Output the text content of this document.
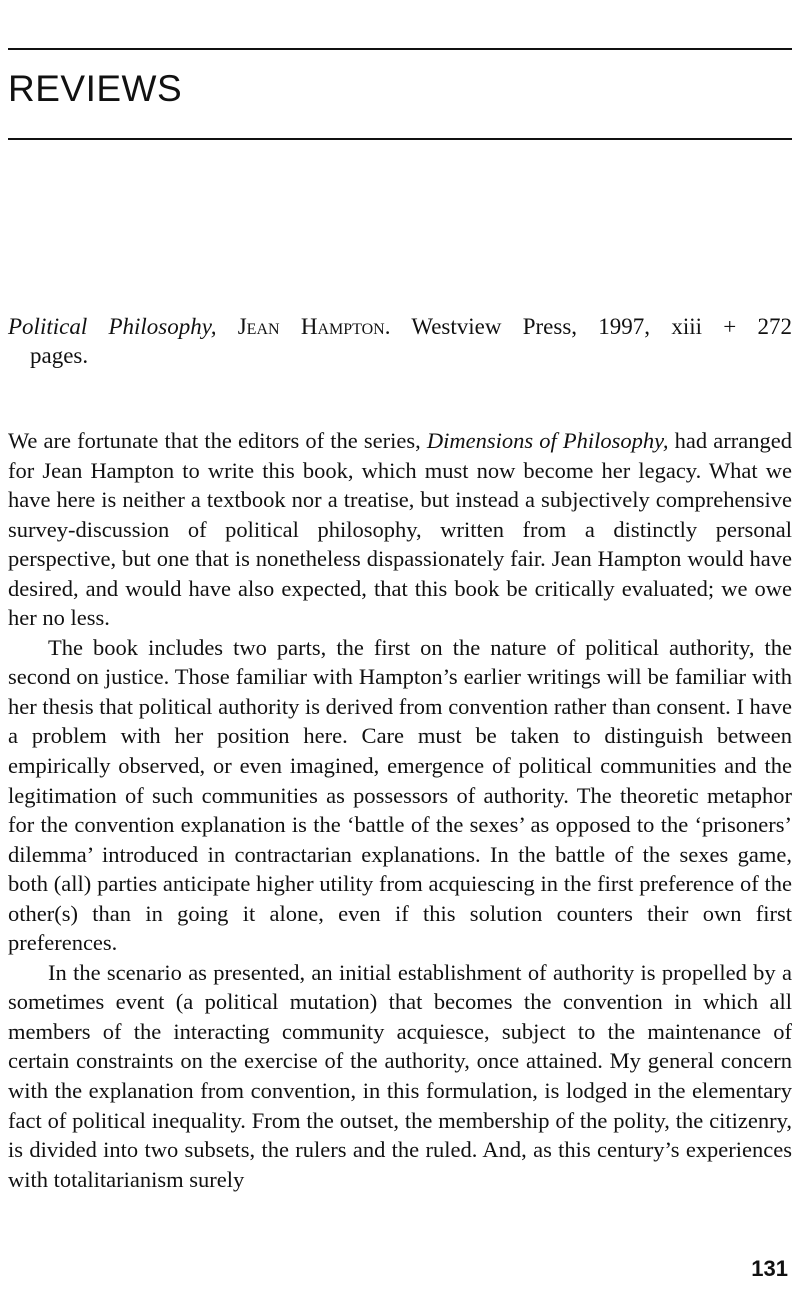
REVIEWS

Political Philosophy, Jean Hampton. Westview Press, 1997, xiii + 272

pages.

We are fortunate that the editors of the series, Dimensions of Philosophy, had arranged for Jean Hampton to write this book, which must now become her legacy. What we have here is neither a textbook nor a treatise, but instead a subjectively comprehensive survey-discussion of political philosophy, written from a distinctly personal perspective, but one that is nonetheless dispassionately fair. Jean Hampton would have desired, and would have also expected, that this book be critically evaluated; we owe her no less.

The book includes two parts, the first on the nature of political authority, the second on justice. Those familiar with Hampton’s earlier writings will be familiar with her thesis that political authority is derived from convention rather than consent. I have a problem with her position here. Care must be taken to distinguish between empirically observed, or even imagined, emergence of political communities and the legitimation of such communities as possessors of authority. The theoretic metaphor for the convention explanation is the ‘battle of the sexes’ as opposed to the ‘prisoners’ dilemma’ introduced in contractarian explanations. In the battle of the sexes game, both (all) parties anticipate higher utility from acquiescing in the first preference of the other(s) than in going it alone, even if this solution counters their own first preferences.

In the scenario as presented, an initial establishment of authority is propelled by a sometimes event (a political mutation) that becomes the convention in which all members of the interacting community acquiesce, subject to the maintenance of certain constraints on the exercise of the authority, once attained. My general concern with the explanation from convention, in this formulation, is lodged in the elementary fact of political inequality. From the outset, the membership of the polity, the citizenry, is divided into two subsets, the rulers and the ruled. And, as this century’s experiences with totalitarianism surely

131
